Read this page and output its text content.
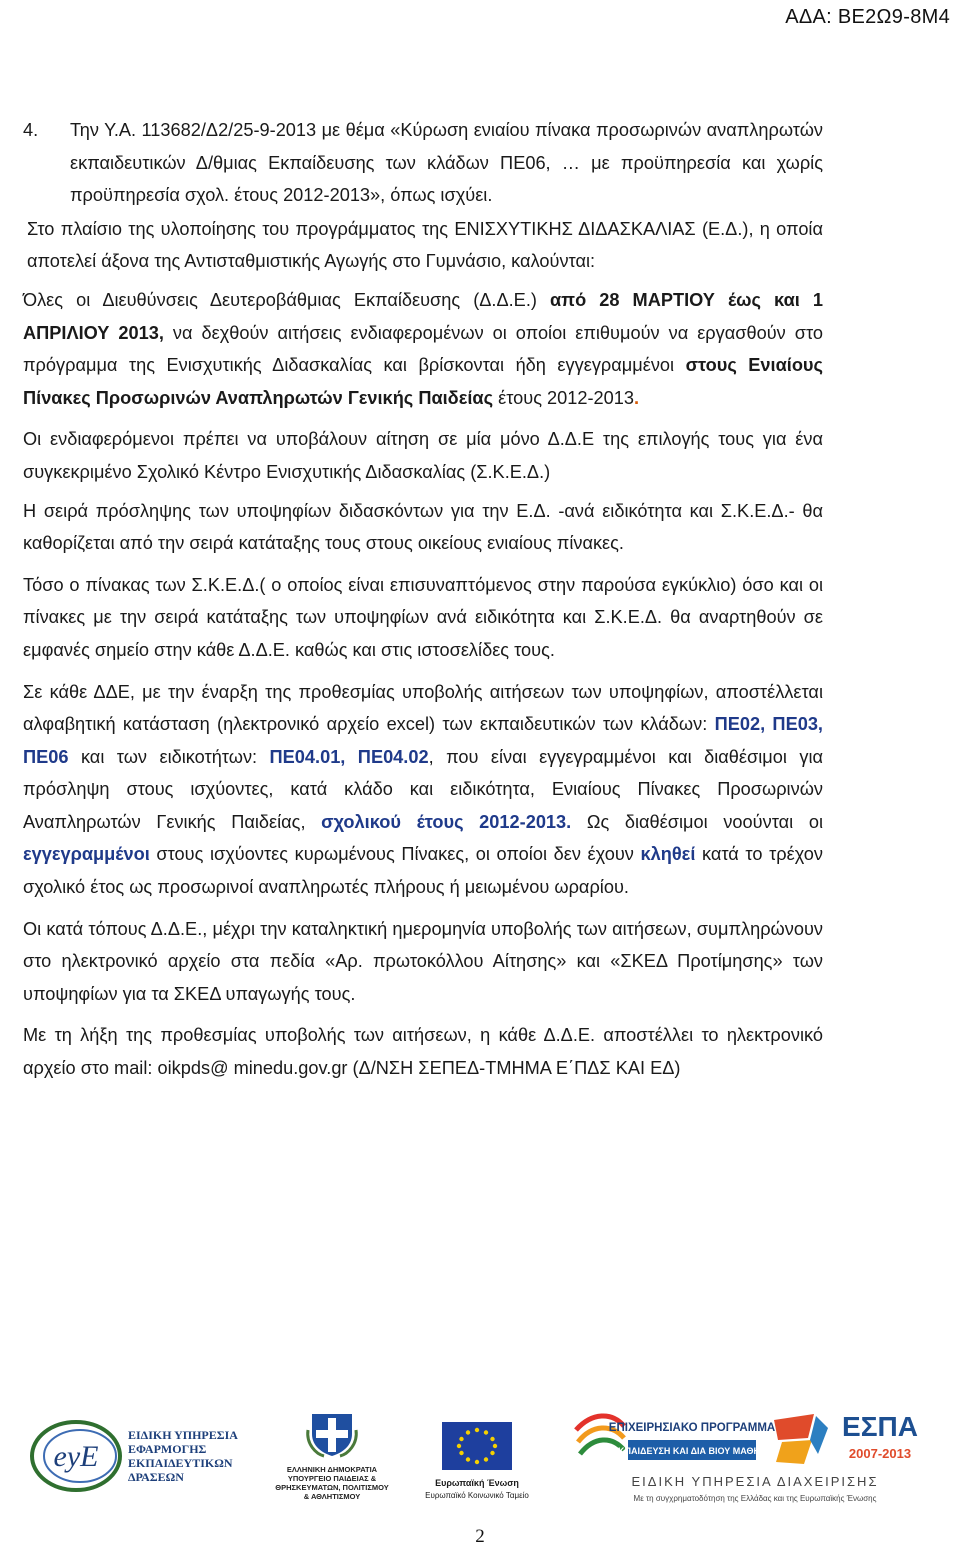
ΑΔΑ: ΒΕ2Ω9-8Μ4
4.	Την Υ.Α. 113682/Δ2/25-9-2013 με θέμα «Κύρωση ενιαίου πίνακα προσωρινών αναπληρωτών εκπαιδευτικών Δ/θμιας Εκπαίδευσης των κλάδων ΠΕ06, … με προϋπηρεσία και χωρίς προϋπηρεσία σχολ. έτους 2012-2013», όπως ισχύει.

Στο πλαίσιο της υλοποίησης του προγράμματος της ΕΝΙΣΧΥΤΙΚΗΣ ΔΙΔΑΣΚΑΛΙΑΣ (Ε.Δ.), η οποία αποτελεί άξονα της Αντισταθμιστικής Αγωγής στο Γυμνάσιο, καλούνται:

Όλες οι Διευθύνσεις Δευτεροβάθμιας Εκπαίδευσης (Δ.Δ.Ε.) από 28 ΜΑΡΤΙΟΥ έως και 1 ΑΠΡΙΛΙΟΥ 2013, να δεχθούν αιτήσεις ενδιαφερομένων οι οποίοι επιθυμούν να εργασθούν στο πρόγραμμα της Ενισχυτικής Διδασκαλίας και βρίσκονται ήδη εγγεγραμμένοι στους Ενιαίους Πίνακες Προσωρινών Αναπληρωτών Γενικής Παιδείας έτους 2012-2013.

Οι ενδιαφερόμενοι πρέπει να υποβάλουν αίτηση σε μία μόνο Δ.Δ.Ε της επιλογής τους για ένα συγκεκριμένο Σχολικό Κέντρο Ενισχυτικής Διδασκαλίας (Σ.Κ.Ε.Δ.)

Η σειρά πρόσληψης των υποψηφίων διδασκόντων για την Ε.Δ. -ανά ειδικότητα και Σ.Κ.Ε.Δ.- θα καθορίζεται από την σειρά κατάταξης τους στους οικείους ενιαίους πίνακες.

Τόσο ο πίνακας των Σ.Κ.Ε.Δ.( ο οποίος είναι επισυναπτόμενος στην παρούσα εγκύκλιο) όσο και οι πίνακες με την σειρά κατάταξης των υποψηφίων ανά ειδικότητα και Σ.Κ.Ε.Δ. θα αναρτηθούν σε εμφανές σημείο στην κάθε Δ.Δ.Ε. καθώς και στις ιστοσελίδες τους.

Σε κάθε ΔΔΕ, με την έναρξη της προθεσμίας υποβολής αιτήσεων των υποψηφίων, αποστέλλεται αλφαβητική κατάσταση (ηλεκτρονικό αρχείο excel) των εκπαιδευτικών των κλάδων: ΠΕ02, ΠΕ03, ΠΕ06 και των ειδικοτήτων: ΠΕ04.01, ΠΕ04.02, που είναι εγγεγραμμένοι και διαθέσιμοι για πρόσληψη στους ισχύοντες, κατά κλάδο και ειδικότητα, Ενιαίους Πίνακες Προσωρινών Αναπληρωτών Γενικής Παιδείας, σχολικού έτους 2012-2013. Ως διαθέσιμοι νοούνται οι εγγεγραμμένοι στους ισχύοντες κυρωμένους Πίνακες, οι οποίοι δεν έχουν κληθεί κατά το τρέχον σχολικό έτος ως προσωρινοί αναπληρωτές πλήρους ή μειωμένου ωραρίου.

Οι κατά τόπους Δ.Δ.Ε., μέχρι την καταληκτική ημερομηνία υποβολής των αιτήσεων, συμπληρώνουν στο ηλεκτρονικό αρχείο στα πεδία «Αρ. πρωτοκόλλου Αίτησης» και «ΣΚΕΔ Προτίμησης» των υποψηφίων για τα ΣΚΕΔ υπαγωγής τους.

Με τη λήξη της προθεσμίας υποβολής των αιτήσεων, η κάθε Δ.Δ.Ε. αποστέλλει το ηλεκτρονικό αρχείο στο mail: oikpds@ minedu.gov.gr (Δ/ΝΣΗ ΣΕΠΕΔ-ΤΜΗΜΑ Ε΄ΠΔΣ ΚΑΙ ΕΔ)

eyE
ΕΙΔΙΚΗ ΥΠΗΡΕΣΙΑ ΕΦΑΡΜΟΓΗΣ ΕΚΠΑΙΔΕΥΤΙΚΩΝ ΔΡΑΣΕΩΝ
ΕΛΛΗΝΙΚΗ ΔΗΜΟΚΡΑΤΙΑ ΥΠΟΥΡΓΕΙΟ ΠΑΙΔΕΙΑΣ & ΘΡΗΣΚΕΥΜΑΤΩΝ, ΠΟΛΙΤΙΣΜΟΥ & ΑΘΛΗΤΙΣΜΟΥ
Ευρωπαϊκή Ένωση
Ευρωπαϊκό Κοινωνικό Ταμείο
ΕΠΙΧΕΙΡΗΣΙΑΚΟ ΠΡΟΓΡΑΜΜΑ
ΕΚΠΑΙΔΕΥΣΗ ΚΑΙ ΔΙΑ ΒΙΟΥ ΜΑΘΗΣΗ
ΕΣΠΑ
2007-2013
ΕΙΔΙΚΗ ΥΠΗΡΕΣΙΑ ΔΙΑΧΕΙΡΙΣΗΣ
Με τη συγχρηματοδότηση της Ελλάδας και της Ευρωπαϊκής Ένωσης
2
